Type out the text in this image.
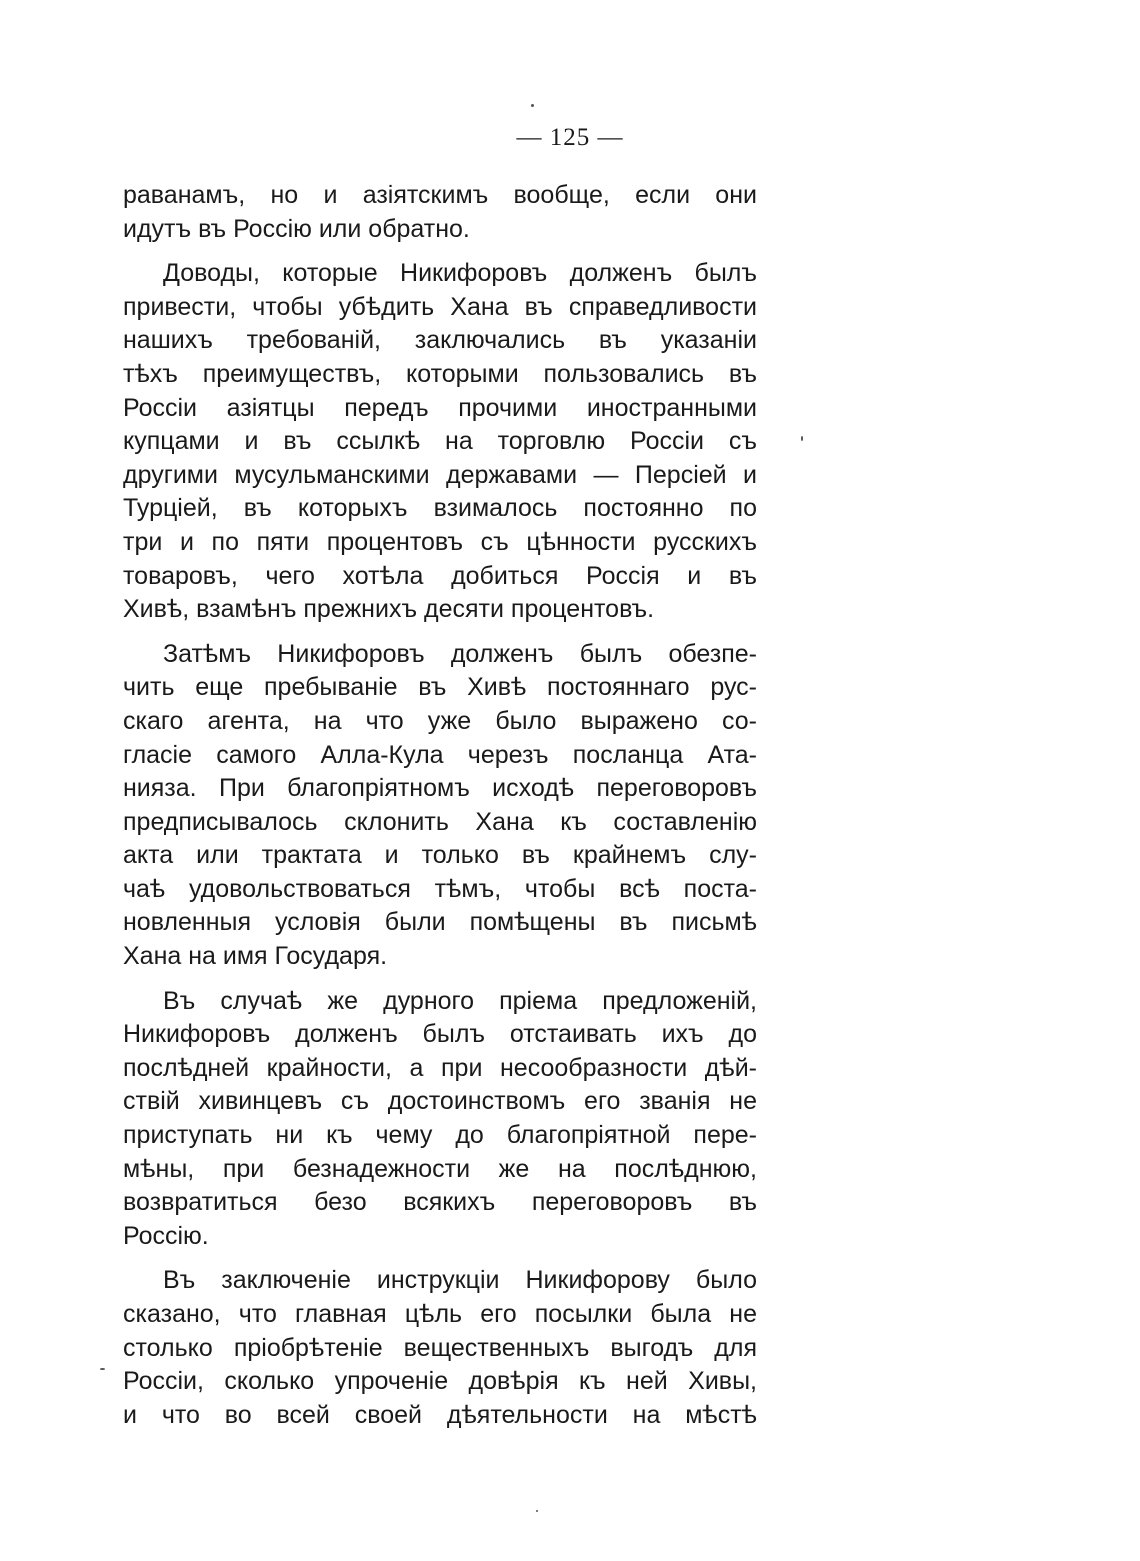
— 125 —
раванамъ, но и азіятскимъ вообще, если они
идутъ въ Россію или обратно.
Доводы, которые Никифоровъ долженъ былъ
привести, чтобы убѣдить Хана въ справедливости
нашихъ требованій, заключались въ указаніи
тѣхъ преимуществъ, которыми пользовались въ
Россіи азіятцы передъ прочими иностранными
купцами и въ ссылкѣ на торговлю Россіи съ
другими мусульманскими державами — Персіей и
Турціей, въ которыхъ взималось постоянно по
три и по пяти процентовъ съ цѣнности русскихъ
товаровъ, чего хотѣла добиться Россія и въ
Хивѣ, взамѣнъ прежнихъ десяти процентовъ.
Затѣмъ Никифоровъ долженъ былъ обезпе-
чить еще пребываніе въ Хивѣ постояннаго рус-
скаго агента, на что уже было выражено со-
гласіе самого Алла-Кула черезъ посланца Ата-
нияза. При благопріятномъ исходѣ переговоровъ
предписывалось склонить Хана къ составленію
акта или трактата и только въ крайнемъ слу-
чаѣ удовольствоваться тѣмъ, чтобы всѣ поста-
новленныя условія были помѣщены въ письмѣ
Хана на имя Государя.
Въ случаѣ же дурного пріема предложеній,
Никифоровъ долженъ былъ отстаивать ихъ до
послѣдней крайности, а при несообразности дѣй-
ствій хивинцевъ съ достоинствомъ его званія не
приступать ни къ чему до благопріятной пере-
мѣны, при безнадежности же на послѣднюю,
возвратиться безо всякихъ переговоровъ въ
Россію.
Въ заключеніе инструкціи Никифорову было
сказано, что главная цѣль его посылки была не
столько пріобрѣтеніе вещественныхъ выгодъ для
Россіи, сколько упроченіе довѣрія къ ней Хивы,
и что во всей своей дѣятельности на мѣстѣ
